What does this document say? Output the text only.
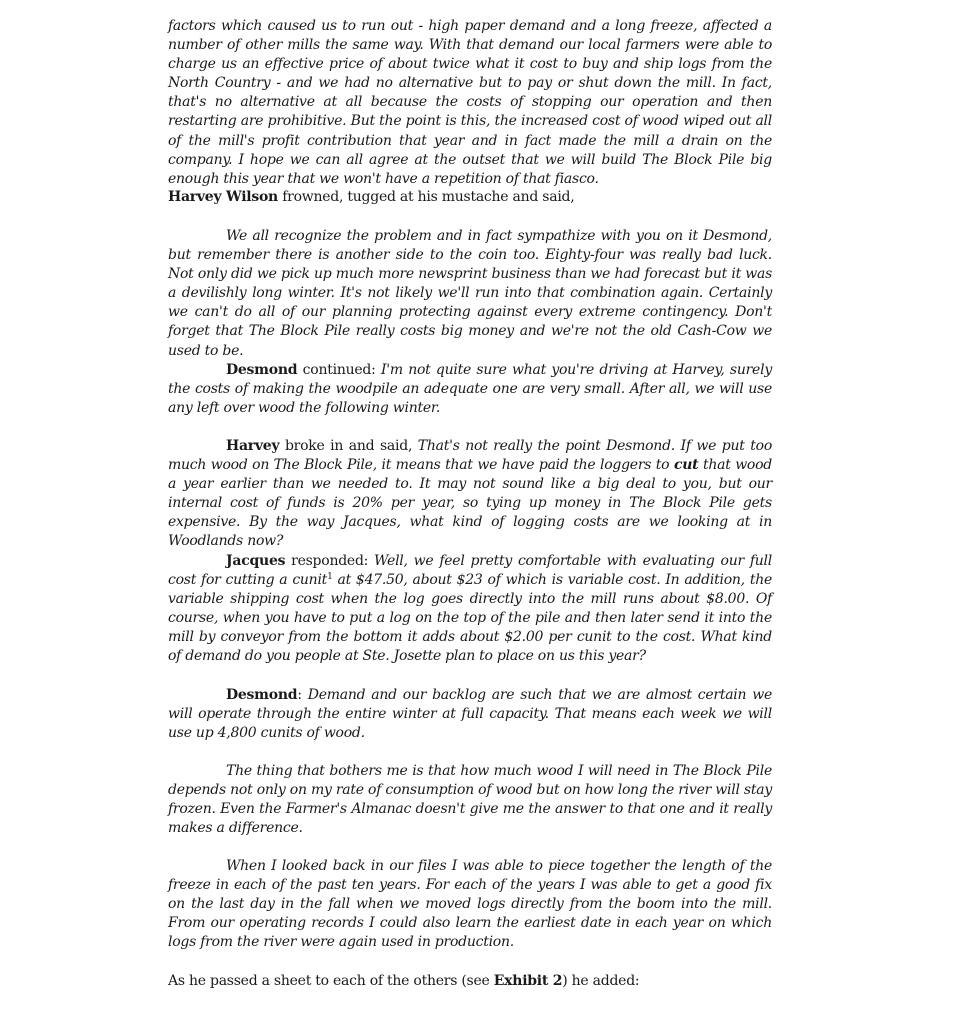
factors which caused us to run out - high paper demand and a long freeze, affected a number of other mills the same way. With that demand our local farmers were able to charge us an effective price of about twice what it cost to buy and ship logs from the North Country - and we had no alternative but to pay or shut down the mill. In fact, that's no alternative at all because the costs of stopping our operation and then restarting are prohibitive. But the point is this, the increased cost of wood wiped out all of the mill's profit contribution that year and in fact made the mill a drain on the company. I hope we can all agree at the outset that we will build The Block Pile big enough this year that we won't have a repetition of that fiasco.

Harvey Wilson frowned, tugged at his mustache and said,

We all recognize the problem and in fact sympathize with you on it Desmond, but remember there is another side to the coin too. Eighty-four was really bad luck. Not only did we pick up much more newsprint business than we had forecast but it was a devilishly long winter. It's not likely we'll run into that combination again. Certainly we can't do all of our planning protecting against every extreme contingency. Don't forget that The Block Pile really costs big money and we're not the old Cash-Cow we used to be.

Desmond continued: I'm not quite sure what you're driving at Harvey, surely the costs of making the woodpile an adequate one are very small. After all, we will use any left over wood the following winter.

Harvey broke in and said, That's not really the point Desmond. If we put too much wood on The Block Pile, it means that we have paid the loggers to cut that wood a year earlier than we needed to. It may not sound like a big deal to you, but our internal cost of funds is 20% per year, so tying up money in The Block Pile gets expensive. By the way Jacques, what kind of logging costs are we looking at in Woodlands now?

Jacques responded: Well, we feel pretty comfortable with evaluating our full cost for cutting a cunit$^1$ at $47.50, about $23 of which is variable cost. In addition, the variable shipping cost when the log goes directly into the mill runs about $8.00. Of course, when you have to put a log on the top of the pile and then later send it into the mill by conveyor from the bottom it adds about $2.00 per cunit to the cost. What kind of demand do you people at Ste. Josette plan to place on us this year?

Desmond: Demand and our backlog are such that we are almost certain we will operate through the entire winter at full capacity. That means each week we will use up 4,800 cunits of wood.

The thing that bothers me is that how much wood I will need in The Block Pile depends not only on my rate of consumption of wood but on how long the river will stay frozen. Even the Farmer's Almanac doesn't give me the answer to that one and it really makes a difference.

When I looked back in our files I was able to piece together the length of the freeze in each of the past ten years. For each of the years I was able to get a good fix on the last day in the fall when we moved logs directly from the boom into the mill. From our operating records I could also learn the earliest date in each year on which logs from the river were again used in production.

As he passed a sheet to each of the others (see Exhibit 2) he added:
